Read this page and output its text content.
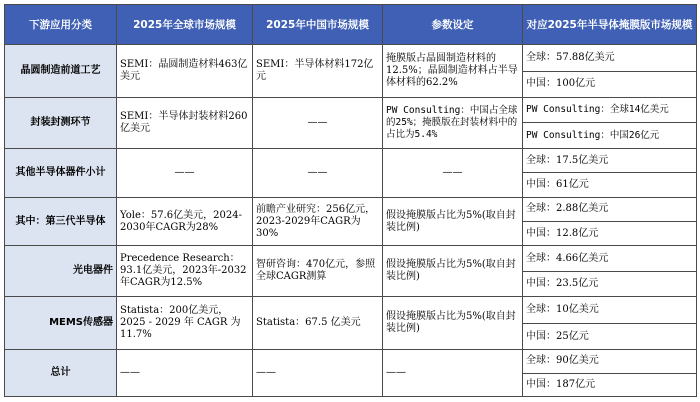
下游应用分类	2025年全球市场规模	2025年中国市场规模	参数设定	对应2025年半导体掩膜版市场规模
晶圆制造前道工艺	SEMI：晶圆制造材料463亿美元	SEMI：半导体材料172亿元	掩膜版占晶圆制造材料的12.5%；晶圆制造材料占半导体材料的62.2%	全球：57.88亿美元
				中国：100亿元
封装封测环节	SEMI：半导体封装材料260亿美元	——	PW Consulting：中国占全球的25%；掩膜版在封装材料中的占比为5.4%	PW Consulting：全球14亿美元
				PW Consulting：中国26亿元
其他半导体器件小计	——	——	——	全球：17.5亿美元
				中国：61亿元
其中：第三代半导体	Yole：57.6亿美元，2024-2030年CAGR为28%	前瞻产业研究：256亿元，2023-2029年CAGR为30%	假设掩膜版占比为5%(取自封装比例)	全球：2.88亿美元
				中国：12.8亿元
光电器件	Precedence Research：93.1亿美元，2023年-2032年CAGR为12.5%	智研咨询：470亿元，参照全球CAGR测算	假设掩膜版占比为5%(取自封装比例)	全球：4.66亿美元
				中国：23.5亿元
MEMS传感器	Statista：200亿美元，2025 - 2029 年 CAGR 为11.7%	Statista：67.5 亿美元	假设掩膜版占比为5%(取自封装比例)	全球：10亿美元
				中国：25亿元
总计	——	——	——	全球：90亿美元
				中国：187亿元
